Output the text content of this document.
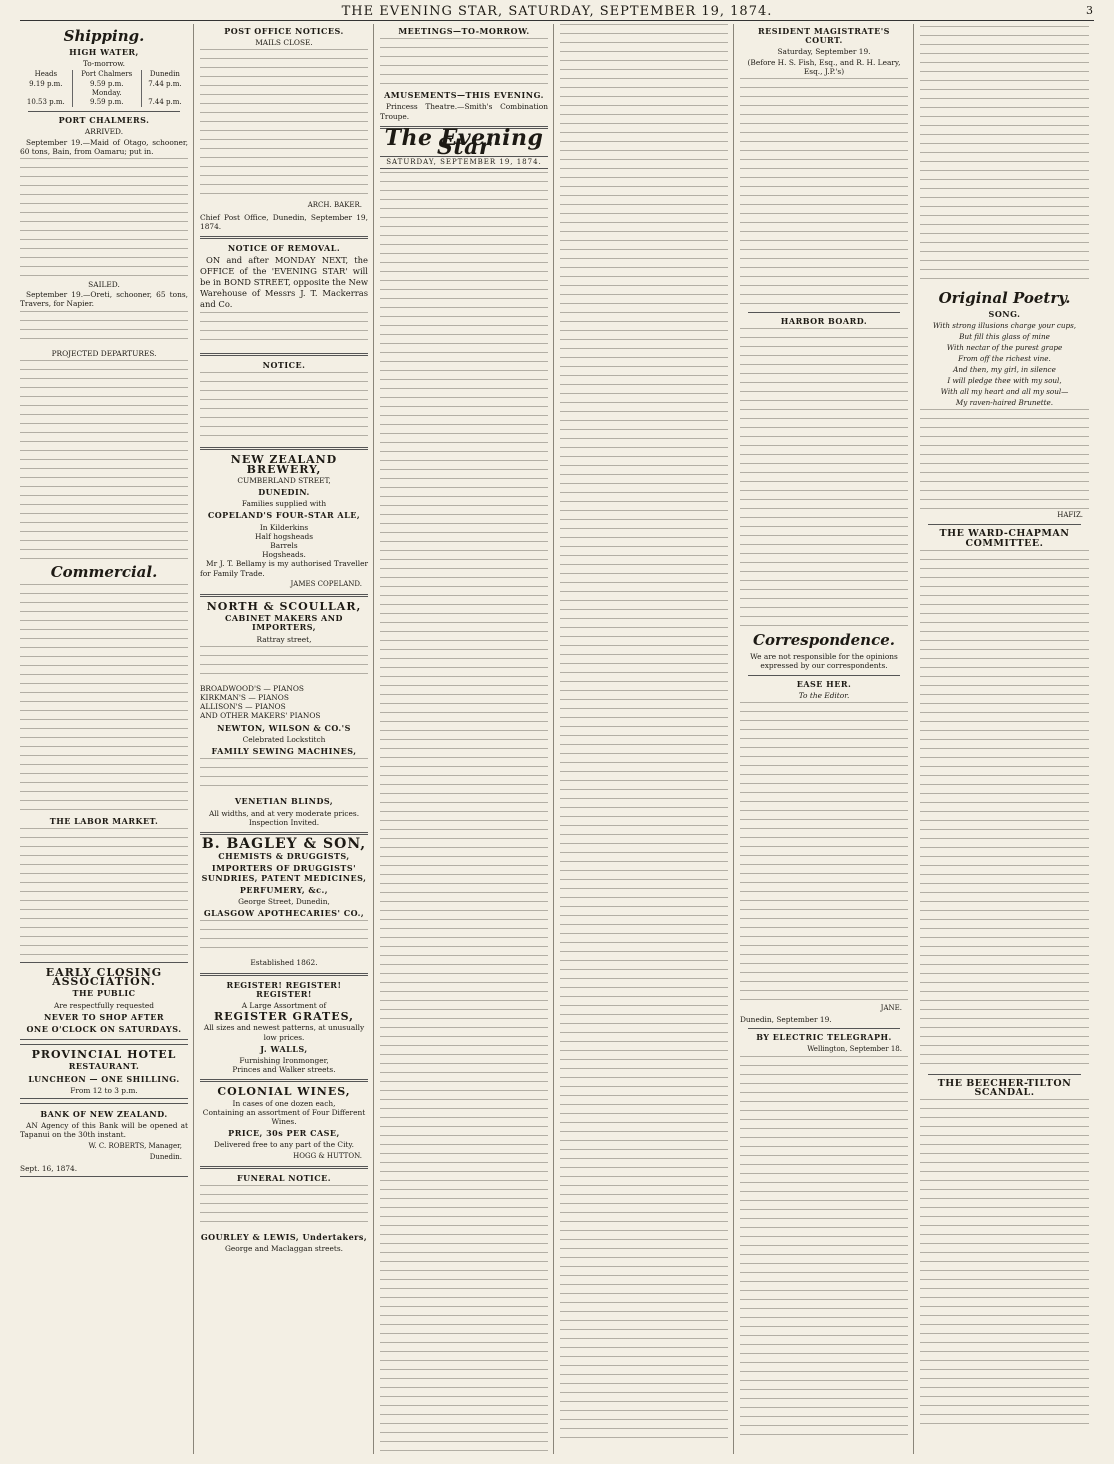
THE EVENING STAR, SATURDAY, SEPTEMBER 19, 1874.	3
Shipping.
HIGH WATER,
To-morrow.
Heads	Port Chalmers	Dunedin
9.19 p.m.	9.59 p.m.	7.44 p.m.
	Monday.	
10.53 p.m.	9.59 p.m.	7.44 p.m.
PORT CHALMERS.
ARRIVED.

September 19.—Maid of Otago, schooner, 60 tons, Bain, from Oamaru; put in.

SAILED.

September 19.—Oreti, schooner, 65 tons, Travers, for Napier.

PROJECTED DEPARTURES.
Commercial.
THE LABOR MARKET.
EARLY CLOSING ASSOCIATION.
THE PUBLIC
Are respectfully requested
NEVER TO SHOP AFTER
ONE O'CLOCK ON SATURDAYS.
PROVINCIAL HOTEL
RESTAURANT.
LUNCHEON — ONE SHILLING.
From 12 to 3 p.m.
BANK OF NEW ZEALAND.

AN Agency of this Bank will be opened at Tapanui on the 30th instant.

W. C. ROBERTS, Manager,
Dunedin.
Sept. 16, 1874.
POST OFFICE NOTICES.
MAILS CLOSE.
ARCH. BAKER.
Chief Post Office, Dunedin, September 19, 1874.
NOTICE OF REMOVAL.

ON and after MONDAY NEXT, the OFFICE of the 'EVENING STAR' will be in BOND STREET, opposite the New Warehouse of Messrs J. T. Mackerras and Co.

NOTICE.
NEW ZEALAND BREWERY,
CUMBERLAND STREET,
DUNEDIN.
Families supplied with
COPELAND'S FOUR-STAR ALE,
In Kilderkins
Half hogsheads
Barrels
Hogsheads.

Mr J. T. Bellamy is my authorised Traveller for Family Trade.

JAMES COPELAND.
NORTH & SCOULLAR,
CABINET MAKERS AND IMPORTERS,
Rattray street,
BROADWOOD'S — PIANOS
KIRKMAN'S — PIANOS
ALLISON'S — PIANOS
AND OTHER MAKERS' PIANOS
NEWTON, WILSON & CO.'S
Celebrated Lockstitch
FAMILY SEWING MACHINES,
VENETIAN BLINDS,
All widths, and at very moderate prices.
Inspection Invited.
B. BAGLEY & SON,
CHEMISTS & DRUGGISTS,
IMPORTERS OF DRUGGISTS' SUNDRIES, PATENT MEDICINES,
PERFUMERY, &c.,
George Street, Dunedin,
GLASGOW APOTHECARIES' CO.,
Established 1862.
REGISTER! REGISTER! REGISTER!
A Large Assortment of
REGISTER GRATES,
All sizes and newest patterns, at unusually low prices.
J. WALLS,
Furnishing Ironmonger,
Princes and Walker streets.
COLONIAL WINES,
In cases of one dozen each,
Containing an assortment of Four Different
Wines.
PRICE, 30s PER CASE,
Delivered free to any part of the City.
HOGG & HUTTON.
FUNERAL NOTICE.
GOURLEY & LEWIS, Undertakers,
George and Maclaggan streets.
MEETINGS—TO-MORROW.
AMUSEMENTS—THIS EVENING.

Princess Theatre.—Smith's Combination Troupe.

The Evening Star
SATURDAY, SEPTEMBER 19, 1874.
RESIDENT MAGISTRATE'S COURT.
Saturday, September 19.
(Before H. S. Fish, Esq., and R. H. Leary, Esq., J.P.'s)
HARBOR BOARD.
Correspondence.
We are not responsible for the opinions expressed by our correspondents.
EASE HER.
To the Editor.
JANE.
Dunedin, September 19.
BY ELECTRIC TELEGRAPH.
Wellington, September 18.
Original Poetry.
SONG.
With strong illusions charge your cups,
But fill this glass of mine
With nectar of the purest grape
From off the richest vine.
And then, my girl, in silence
I will pledge thee with my soul,
With all my heart and all my soul—
My raven-haired Brunette.
HAFIZ.
THE WARD-CHAPMAN COMMITTEE.
THE BEECHER-TILTON SCANDAL.
